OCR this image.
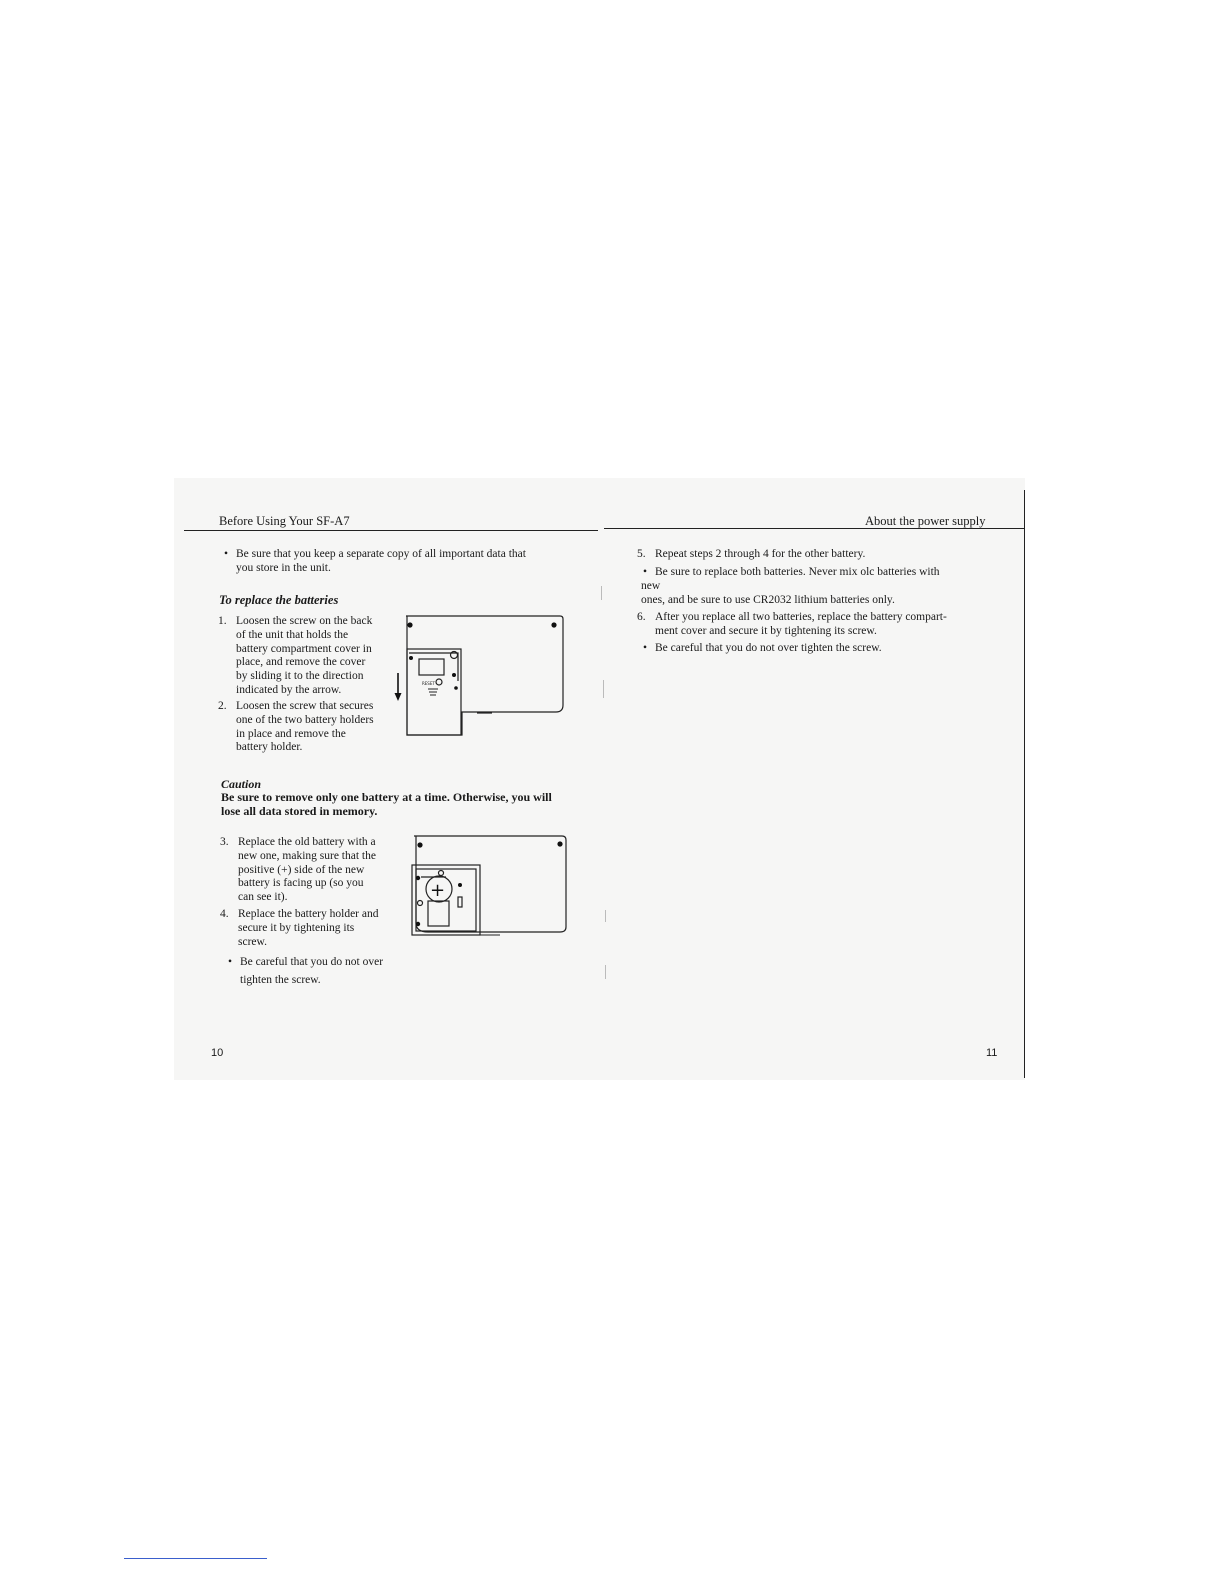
Before Using Your SF-A7
• Be sure that you keep a separate copy of all important data that
you store in the unit.
To replace the batteries
1. Loosen the screw on the back
of the unit that holds the
battery compartment cover in
place, and remove the cover
by sliding it to the direction
indicated by the arrow.
2. Loosen the screw that secures
one of the two battery holders
in place and remove the
battery holder.
RESET
Caution
Be sure to remove only one battery at a time. Otherwise, you will
lose all data stored in memory.
3. Replace the old battery with a
new one, making sure that the
positive (+) side of the new
battery is facing up (so you
can see it).
4. Replace the battery holder and
secure it by tightening its
screw.
• Be careful that you do not over
tighten the screw.
+
10
About the power supply
5. Repeat steps 2 through 4 for the other battery.
• Be sure to replace both batteries. Never mix olc batteries with
new
ones, and be sure to use CR2032 lithium batteries only.
6. After you replace all two batteries, replace the battery compart-
ment cover and secure it by tightening its screw.
• Be careful that you do not over tighten the screw.
11
